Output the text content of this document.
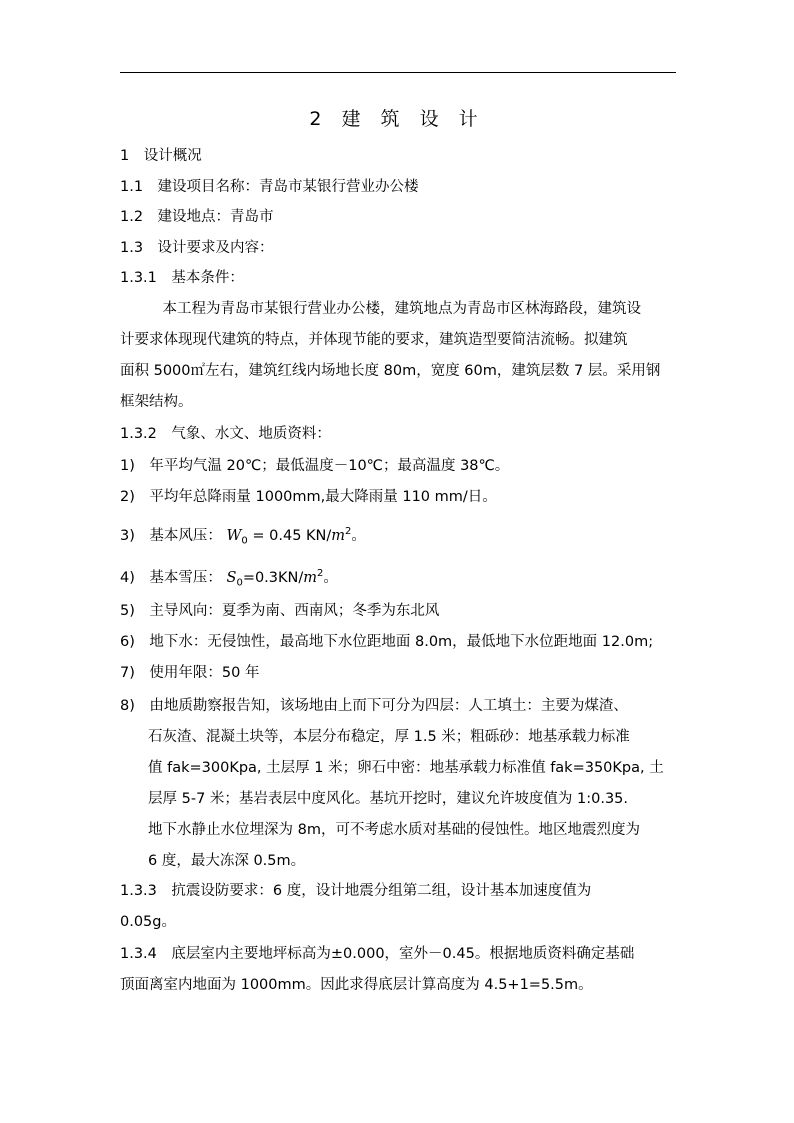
2 建 筑 设 计
1　设计概况
1.1　建设项目名称：青岛市某银行营业办公楼
1.2　建设地点：青岛市
1.3　设计要求及内容：
1.3.1　基本条件：
　本工程为青岛市某银行营业办公楼，建筑地点为青岛市区林海路段，建筑设
计要求体现现代建筑的特点，并体现节能的要求，建筑造型要简洁流畅。拟建筑
面积 5000㎡左右，建筑红线内场地长度 80m，宽度 60m，建筑层数 7 层。采用钢
框架结构。
1.3.2　气象、水文、地质资料：
1)　年平均气温 20℃；最低温度－10℃；最高温度 38℃。
2)　平均年总降雨量 1000mm,最大降雨量 110 mm/日。
3)　基本风压： $W_0 = 0.45$ $KN/m^2$。
4)　基本雪压： $S_0=0.3KN/m^2$。
5)　主导风向：夏季为南、西南风；冬季为东北风
6)　地下水：无侵蚀性，最高地下水位距地面 8.0m，最低地下水位距地面 12.0m;
7)　使用年限：50 年
8)　由地质勘察报告知，该场地由上而下可分为四层：人工填土：主要为煤渣、
石灰渣、混凝土块等，本层分布稳定，厚 1.5 米；粗砾砂：地基承载力标准
值 fak=300Kpa, 土层厚 1 米；卵石中密：地基承载力标准值 fak=350Kpa, 土
层厚 5-7 米；基岩表层中度风化。基坑开挖时，建议允许坡度值为 1:0.35.
地下水静止水位埋深为 8m，可不考虑水质对基础的侵蚀性。地区地震烈度为
6 度，最大冻深 0.5m。
1.3.3　抗震设防要求：6 度，设计地震分组第二组，设计基本加速度值为
0.05g。
1.3.4　底层室内主要地坪标高为±0.000，室外－0.45。根据地质资料确定基础
顶面离室内地面为 1000mm。因此求得底层计算高度为 4.5+1=5.5m。
